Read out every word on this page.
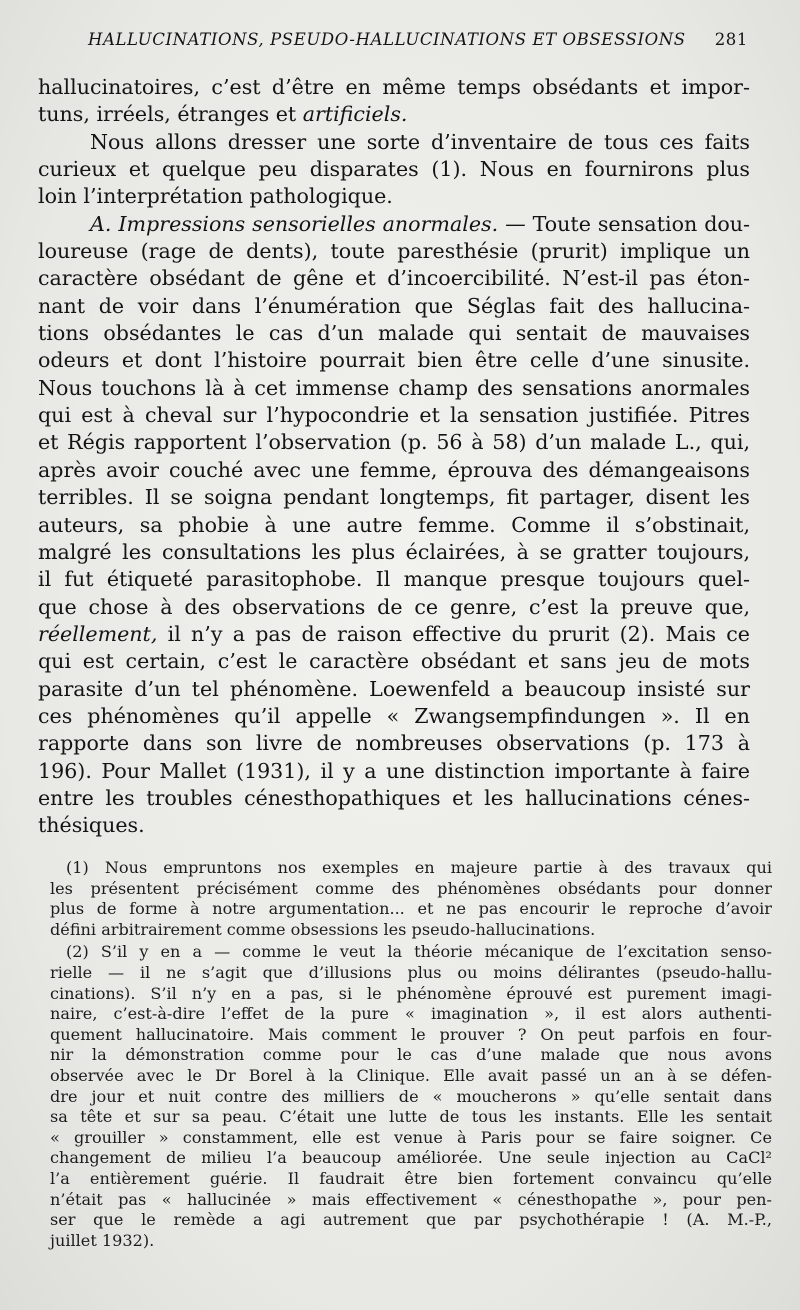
HALLUCINATIONS, PSEUDO-HALLUCINATIONS ET OBSESSIONS 281

hallucinatoires, c’est d’être en même temps obsédants et impor-
tuns, irréels, étranges et artificiels.

Nous allons dresser une sorte d’inventaire de tous ces faits
curieux et quelque peu disparates (1). Nous en fournirons plus
loin l’interprétation pathologique.

A. Impressions sensorielles anormales. — Toute sensation dou-
loureuse (rage de dents), toute paresthésie (prurit) implique un
caractère obsédant de gêne et d’incoercibilité. N’est-il pas éton-
nant de voir dans l’énumération que Séglas fait des hallucina-
tions obsédantes le cas d’un malade qui sentait de mauvaises
odeurs et dont l’histoire pourrait bien être celle d’une sinusite.
Nous touchons là à cet immense champ des sensations anormales
qui est à cheval sur l’hypocondrie et la sensation justifiée. Pitres
et Régis rapportent l’observation (p. 56 à 58) d’un malade L., qui,
après avoir couché avec une femme, éprouva des démangeaisons
terribles. Il se soigna pendant longtemps, fit partager, disent les
auteurs, sa phobie à une autre femme. Comme il s’obstinait,
malgré les consultations les plus éclairées, à se gratter toujours,
il fut étiqueté parasitophobe. Il manque presque toujours quel-
que chose à des observations de ce genre, c’est la preuve que,
réellement, il n’y a pas de raison effective du prurit (2). Mais ce
qui est certain, c’est le caractère obsédant et sans jeu de mots
parasite d’un tel phénomène. Loewenfeld a beaucoup insisté sur
ces phénomènes qu’il appelle « Zwangsempfindungen ». Il en
rapporte dans son livre de nombreuses observations (p. 173 à
196). Pour Mallet (1931), il y a une distinction importante à faire
entre les troubles cénesthopathiques et les hallucinations cénes-
thésiques.

(1) Nous empruntons nos exemples en majeure partie à des travaux qui
les présentent précisément comme des phénomènes obsédants pour donner
plus de forme à notre argumentation... et ne pas encourir le reproche d’avoir
défini arbitrairement comme obsessions les pseudo-hallucinations.
(2) S’il y en a — comme le veut la théorie mécanique de l’excitation senso-
rielle — il ne s’agit que d’illusions plus ou moins délirantes (pseudo-hallu-
cinations). S’il n’y en a pas, si le phénomène éprouvé est purement imagi-
naire, c’est-à-dire l’effet de la pure « imagination », il est alors authenti-
quement hallucinatoire. Mais comment le prouver ? On peut parfois en four-
nir la démonstration comme pour le cas d’une malade que nous avons
observée avec le Dr Borel à la Clinique. Elle avait passé un an à se défen-
dre jour et nuit contre des milliers de « moucherons » qu’elle sentait dans
sa tête et sur sa peau. C’était une lutte de tous les instants. Elle les sentait
« grouiller » constamment, elle est venue à Paris pour se faire soigner. Ce
changement de milieu l’a beaucoup améliorée. Une seule injection au CaCl²
l’a entièrement guérie. Il faudrait être bien fortement convaincu qu’elle
n’était pas « hallucinée » mais effectivement « cénesthopathe », pour pen-
ser que le remède a agi autrement que par psychothérapie ! (A. M.-P.,
juillet 1932).
